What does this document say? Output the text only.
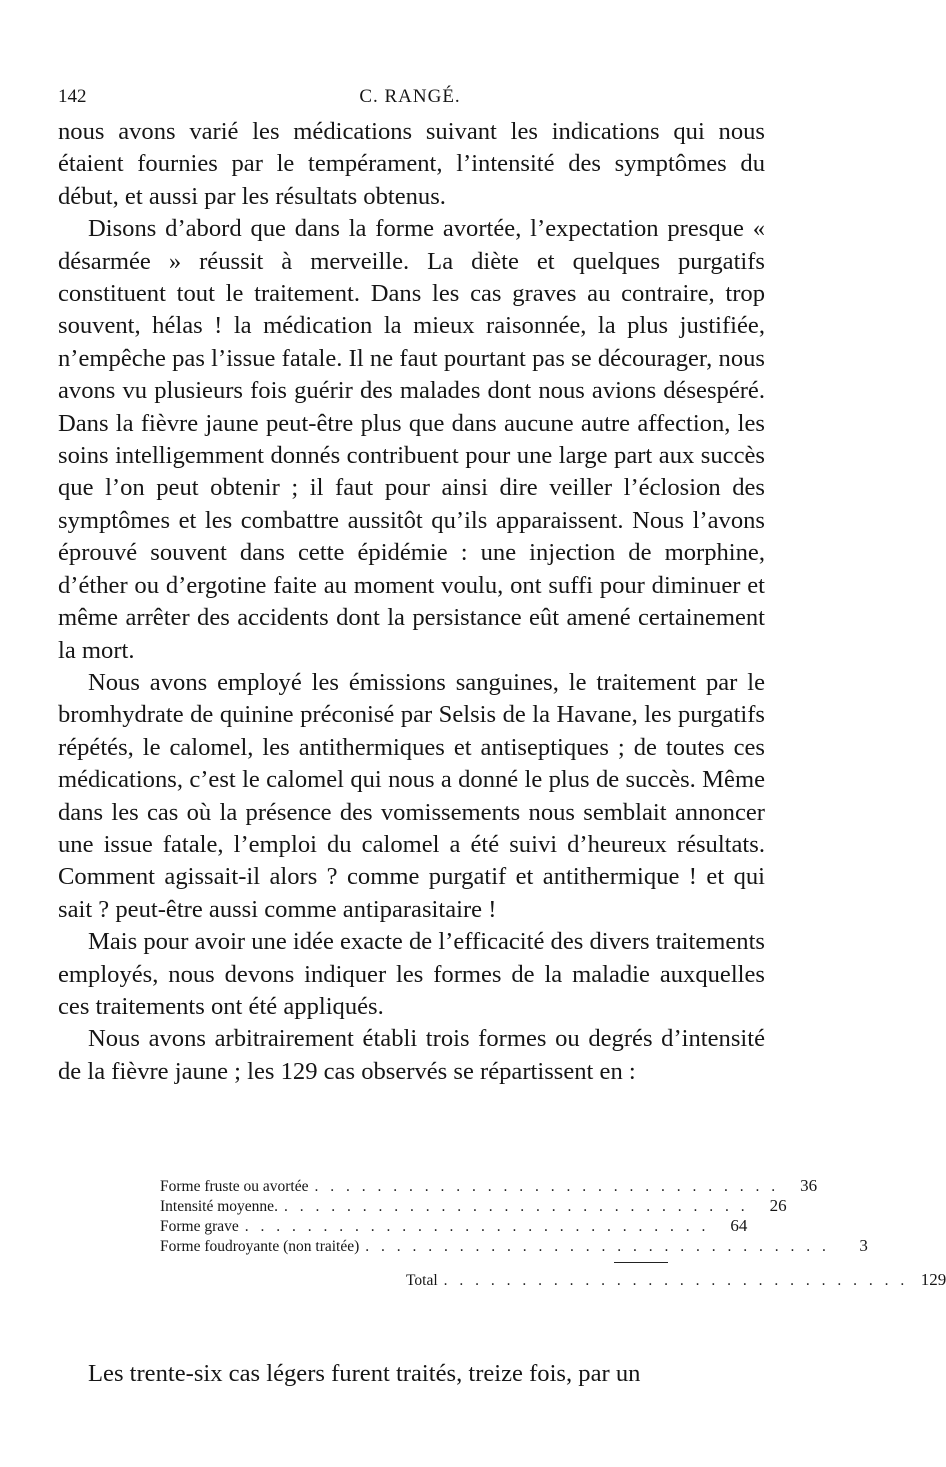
142	C. RANGÉ.

nous avons varié les médications suivant les indications qui nous étaient fournies par le tempérament, l’intensité des symptômes du début, et aussi par les résultats obtenus.

Disons d’abord que dans la forme avortée, l’expectation presque « désarmée » réussit à merveille. La diète et quelques purgatifs constituent tout le traitement. Dans les cas graves au contraire, trop souvent, hélas ! la médication la mieux raisonnée, la plus justifiée, n’empêche pas l’issue fatale. Il ne faut pourtant pas se décourager, nous avons vu plusieurs fois guérir des malades dont nous avions désespéré. Dans la fièvre jaune peut-être plus que dans aucune autre affection, les soins intelligemment donnés contribuent pour une large part aux succès que l’on peut obtenir ; il faut pour ainsi dire veiller l’éclosion des symptômes et les combattre aussitôt qu’ils apparaissent. Nous l’avons éprouvé souvent dans cette épidémie : une injection de morphine, d’éther ou d’ergotine faite au moment voulu, ont suffi pour diminuer et même arrêter des accidents dont la persistance eût amené certainement la mort.

Nous avons employé les émissions sanguines, le traitement par le bromhydrate de quinine préconisé par Selsis de la Havane, les purgatifs répétés, le calomel, les antithermiques et antiseptiques ; de toutes ces médications, c’est le calomel qui nous a donné le plus de succès. Même dans les cas où la présence des vomissements nous semblait annoncer une issue fatale, l’emploi du calomel a été suivi d’heureux résultats. Comment agissait-il alors ? comme purgatif et antithermique ! et qui sait ? peut-être aussi comme antiparasitaire !

Mais pour avoir une idée exacte de l’efficacité des divers traitements employés, nous devons indiquer les formes de la maladie auxquelles ces traitements ont été appliqués.

Nous avons arbitrairement établi trois formes ou degrés d’intensité de la fièvre jaune ; les 129 cas observés se répartissent en :

Forme fruste ou avortée . . . . . . . . . . . . . . . . . . . . . . . . . . . . . .	36
Intensité moyenne. . . . . . . . . . . . . . . . . . . . . . . . . . . . . . .	26
Forme grave . . . . . . . . . . . . . . . . . . . . . . . . . . . . . .	64
Forme foudroyante (non traitée) . . . . . . . . . . . . . . . . . . . . . . . . . . . . . .	3
Total . . . . . . . . . . . . . . . . . . . . . . . . . . . . . . 129

Les trente-six cas légers furent traités, treize fois, par un
